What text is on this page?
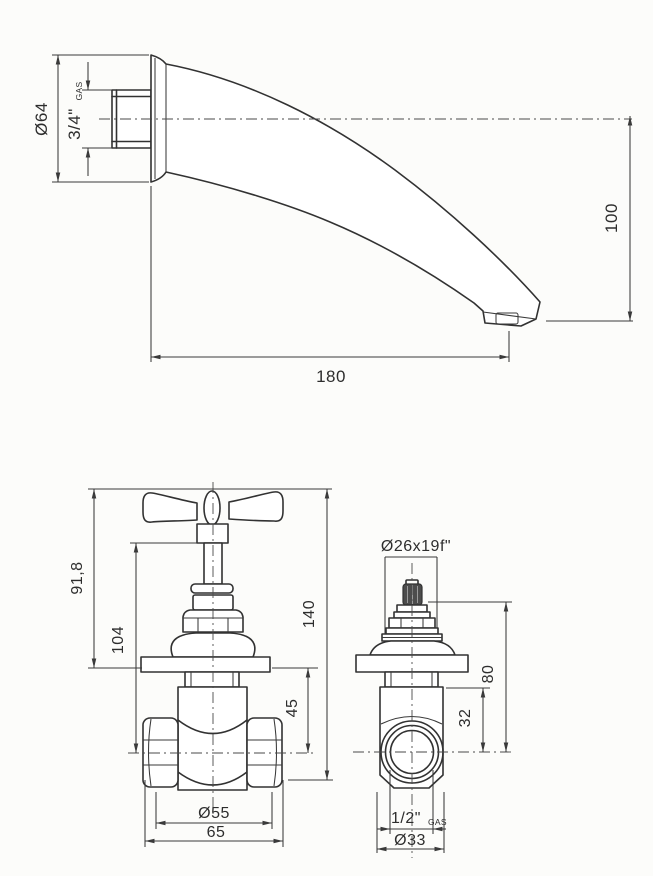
Ø64 3/4"
GAS
100
180
91,8
104
140
45
Ø55
65
Ø26x19f"
80
32
1/2" GAS
Ø33
